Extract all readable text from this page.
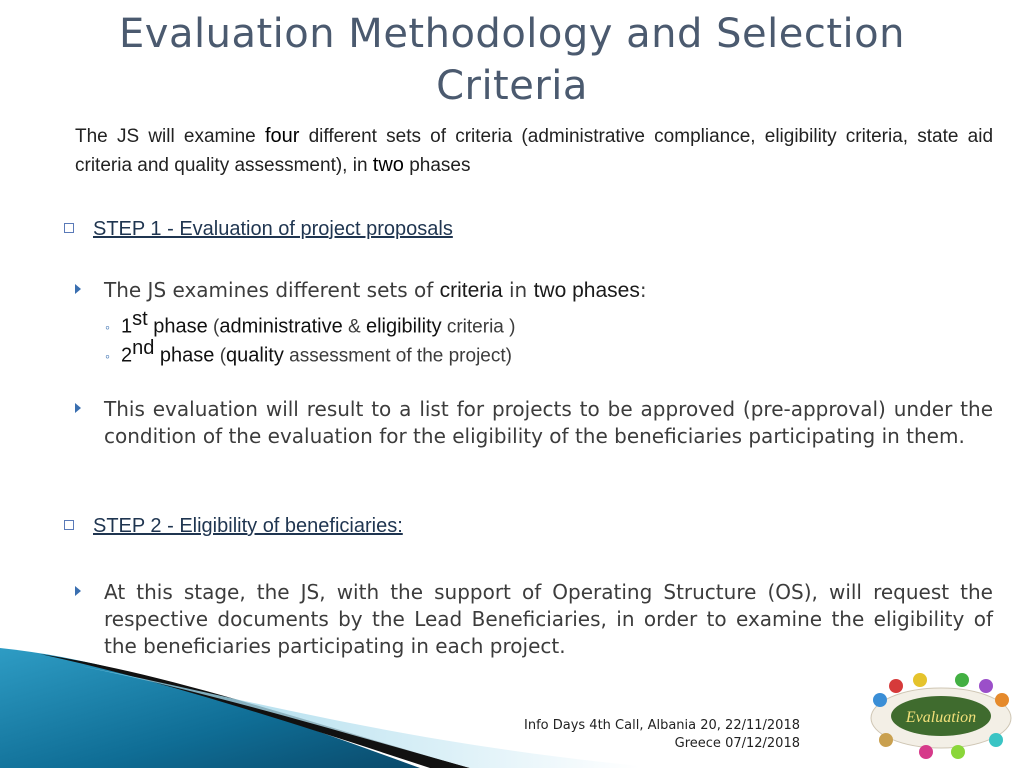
Evaluation Methodology and Selection Criteria
The JS will examine four different sets of criteria (administrative compliance, eligibility criteria, state aid criteria and quality assessment), in two phases
STEP 1 - Evaluation of project proposals
The JS examines different sets of criteria in two phases:
◦ 1st phase (administrative & eligibility criteria )
◦ 2nd phase (quality assessment of the project)
This evaluation will result to a list for projects to be approved (pre-approval) under the condition of the evaluation for the eligibility of the beneficiaries participating in them.
STEP 2 - Eligibility of beneficiaries:
At this stage, the JS, with the support of Operating Structure (OS), will request the respective documents by the Lead Beneficiaries, in order to examine the eligibility of the beneficiaries participating in each project.
Info Days 4th Call, Albania 20, 22/11/2018
Greece 07/12/2018
Evaluation
